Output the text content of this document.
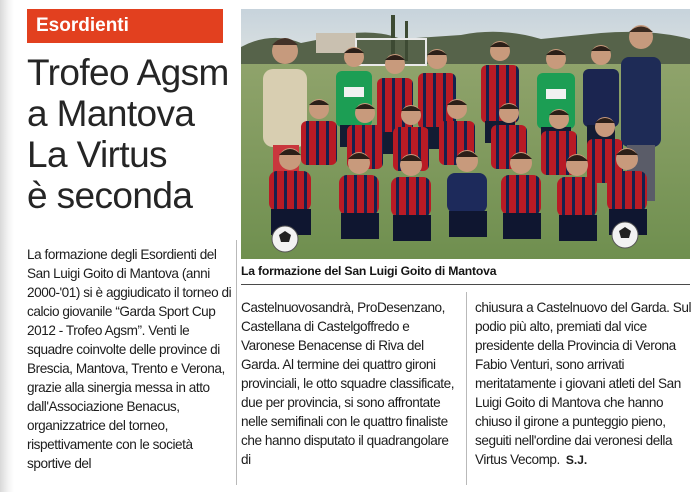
Esordienti
Trofeo Agsm
a Mantova
La Virtus
è seconda
La formazione del San Luigi Goito di Mantova

La formazione degli Esordienti del San Luigi Goito di Mantova (anni 2000-'01) si è aggiudicato il torneo di calcio giovanile “Garda Sport Cup 2012 - Trofeo Agsm”. Venti le squadre coinvolte delle province di Brescia, Mantova, Trento e Verona, grazie alla sinergia messa in atto dall'Associazione Benacus, organizzatrice del torneo, rispettivamente con le società sportive del

Castelnuovosandrà, ProDesenzano, Castellana di Castelgoffredo e Varonese Benacense di Riva del Garda. Al termine dei quattro gironi provinciali, le otto squadre classificate, due per provincia, si sono affrontate nelle semifinali con le quattro finaliste che hanno disputato il quadrangolare di

chiusura a Castelnuovo del Garda. Sul podio più alto, premiati dal vice presidente della Provincia di Verona Fabio Venturi, sono arrivati meritatamente i giovani atleti del San Luigi Goito di Mantova che hanno chiuso il girone a punteggio pieno, seguiti nell'ordine dai veronesi della Virtus Vecomp. S.J.
